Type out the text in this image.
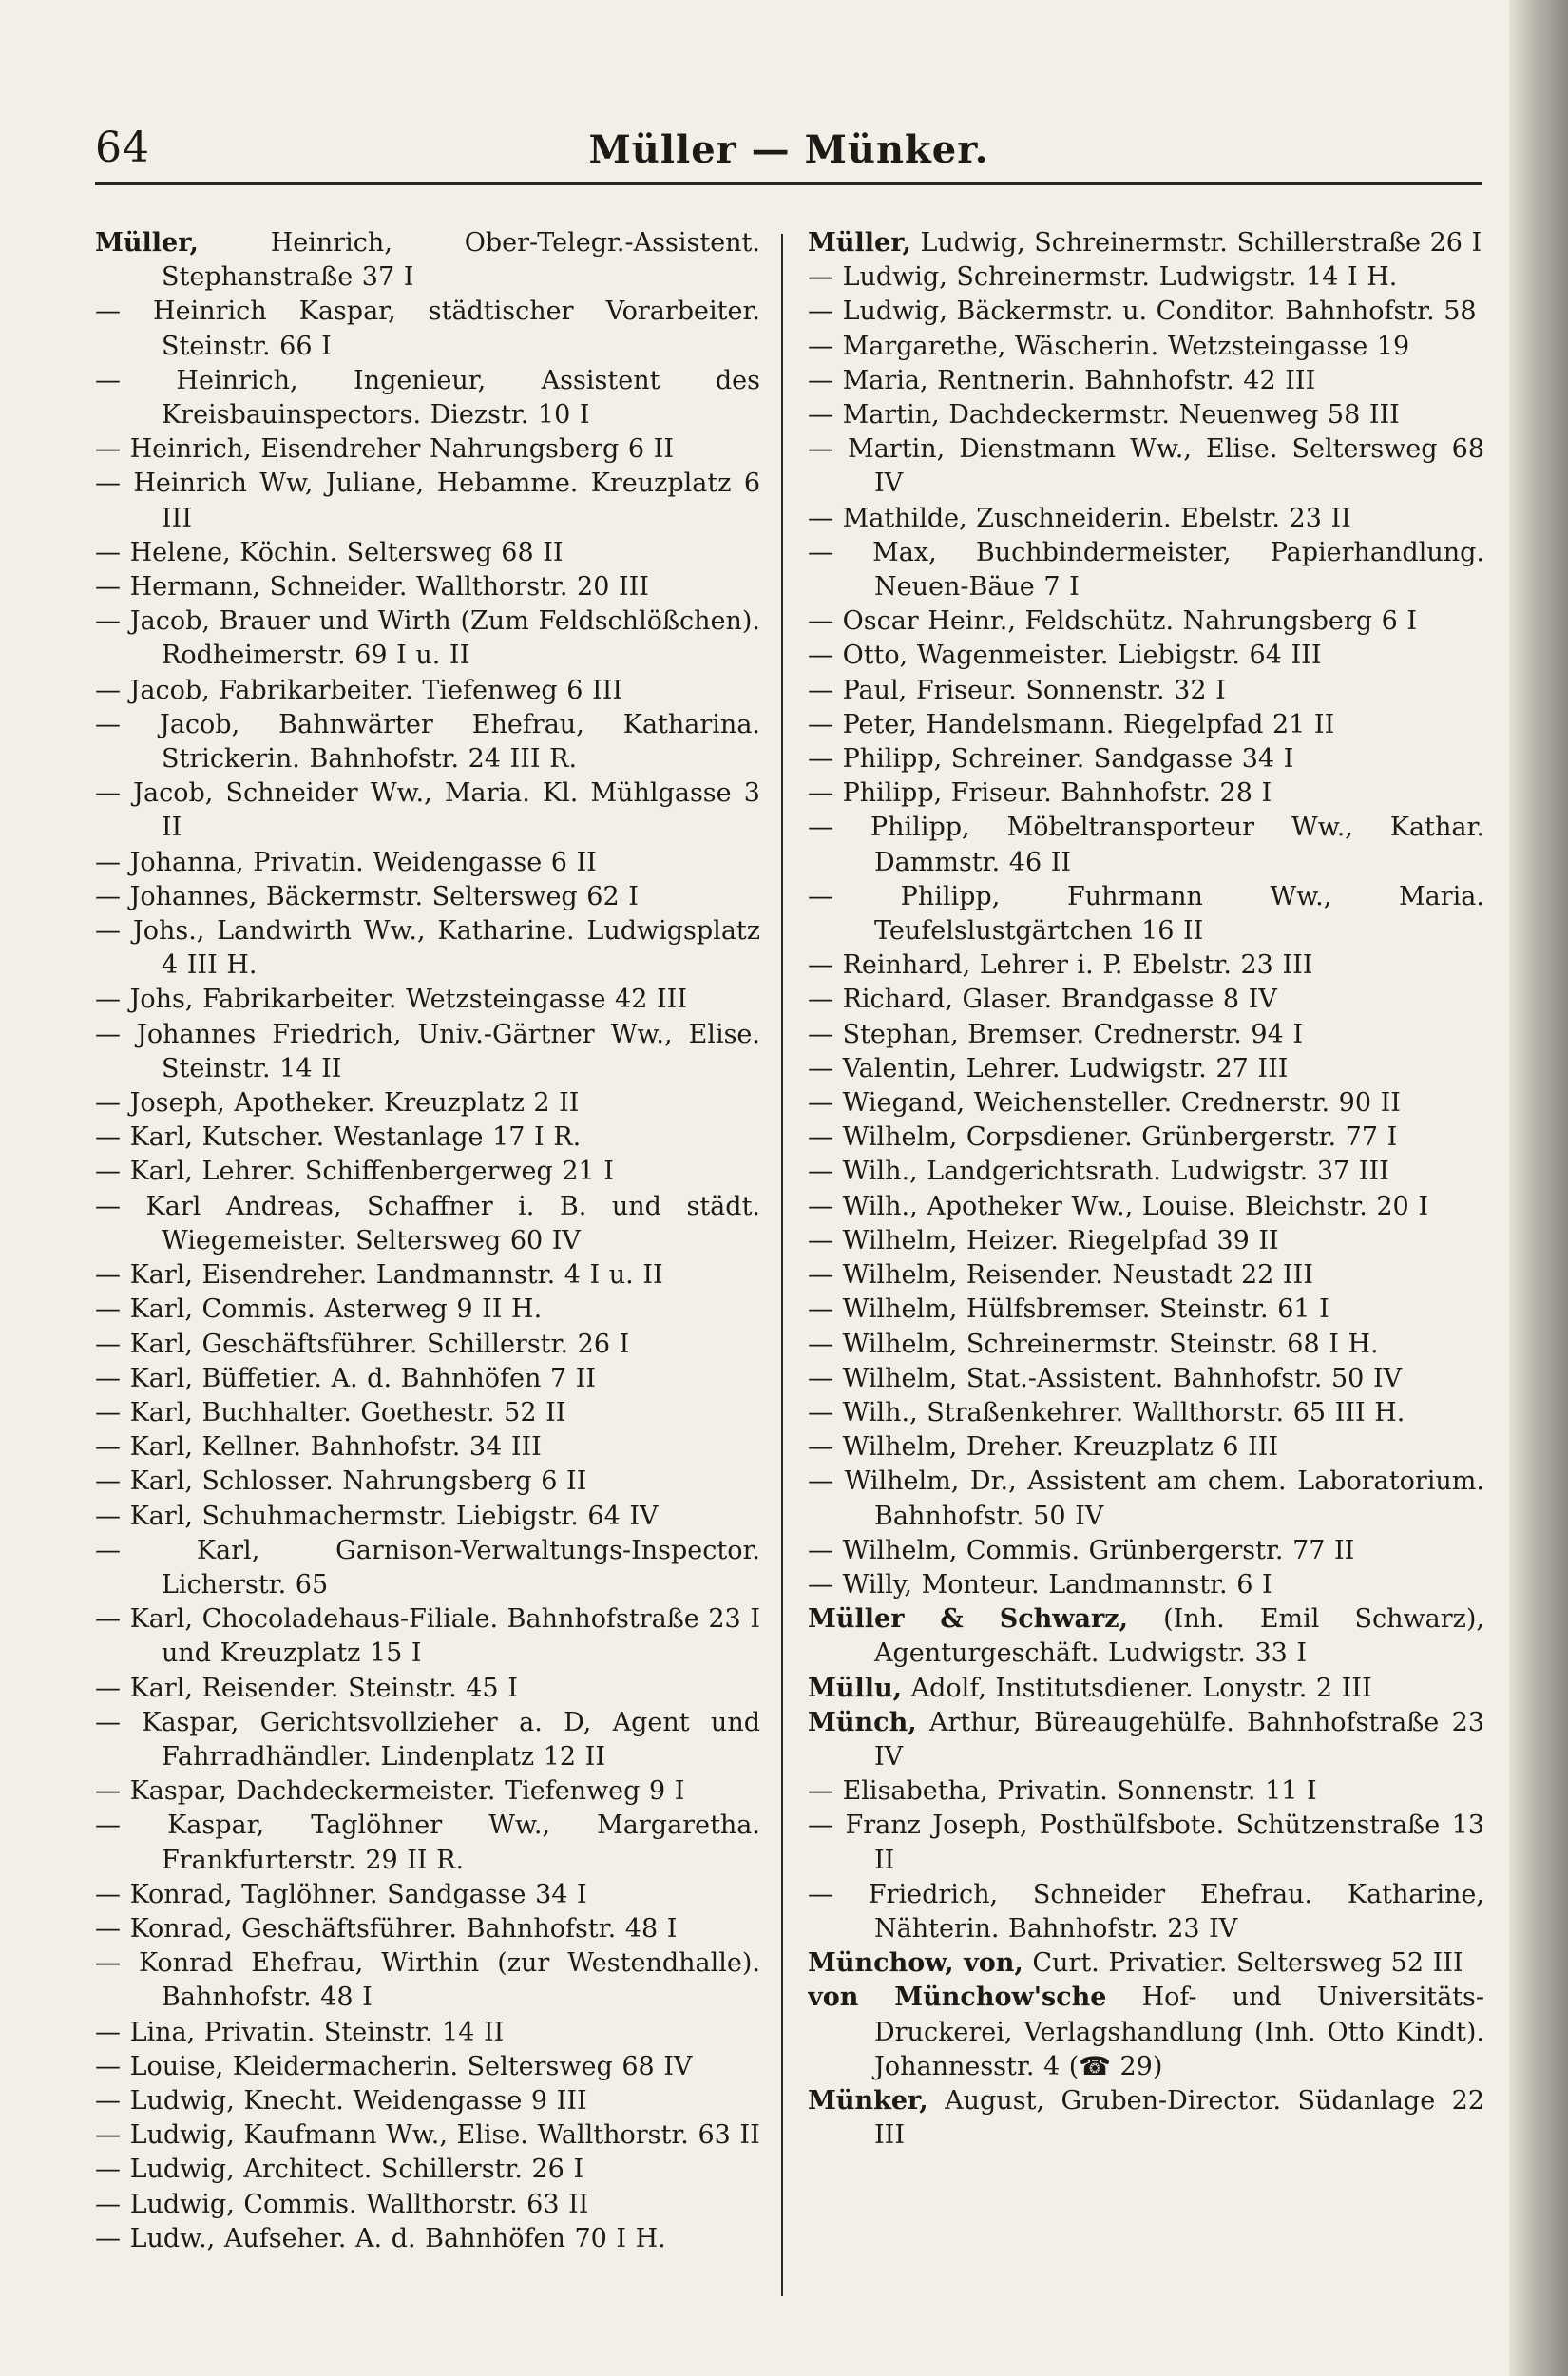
64	Müller — Münker.

Müller, Heinrich, Ober-Telegr.-Assistent. Stephanstraße 37 I

— Heinrich Kaspar, städtischer Vorarbeiter. Steinstr. 66 I

— Heinrich, Ingenieur, Assistent des Kreisbauinspectors. Diezstr. 10 I

— Heinrich, Eisendreher Nahrungsberg 6 II

— Heinrich Ww, Juliane, Hebamme. Kreuzplatz 6 III

— Helene, Köchin. Seltersweg 68 II

— Hermann, Schneider. Wallthorstr. 20 III

— Jacob, Brauer und Wirth (Zum Feldschlößchen). Rodheimerstr. 69 I u. II

— Jacob, Fabrikarbeiter. Tiefenweg 6 III

— Jacob, Bahnwärter Ehefrau, Katharina. Strickerin. Bahnhofstr. 24 III R.

— Jacob, Schneider Ww., Maria. Kl. Mühlgasse 3 II

— Johanna, Privatin. Weidengasse 6 II

— Johannes, Bäckermstr. Seltersweg 62 I

— Johs., Landwirth Ww., Katharine. Ludwigsplatz 4 III H.

— Johs, Fabrikarbeiter. Wetzsteingasse 42 III

— Johannes Friedrich, Univ.-Gärtner Ww., Elise. Steinstr. 14 II

— Joseph, Apotheker. Kreuzplatz 2 II

— Karl, Kutscher. Westanlage 17 I R.

— Karl, Lehrer. Schiffenbergerweg 21 I

— Karl Andreas, Schaffner i. B. und städt. Wiegemeister. Seltersweg 60 IV

— Karl, Eisendreher. Landmannstr. 4 I u. II

— Karl, Commis. Asterweg 9 II H.

— Karl, Geschäftsführer. Schillerstr. 26 I

— Karl, Büffetier. A. d. Bahnhöfen 7 II

— Karl, Buchhalter. Goethestr. 52 II

— Karl, Kellner. Bahnhofstr. 34 III

— Karl, Schlosser. Nahrungsberg 6 II

— Karl, Schuhmachermstr. Liebigstr. 64 IV

— Karl, Garnison-Verwaltungs-Inspector. Licherstr. 65

— Karl, Chocoladehaus-Filiale. Bahnhofstraße 23 I und Kreuzplatz 15 I

— Karl, Reisender. Steinstr. 45 I

— Kaspar, Gerichtsvollzieher a. D, Agent und Fahrradhändler. Lindenplatz 12 II

— Kaspar, Dachdeckermeister. Tiefenweg 9 I

— Kaspar, Taglöhner Ww., Margaretha. Frankfurterstr. 29 II R.

— Konrad, Taglöhner. Sandgasse 34 I

— Konrad, Geschäftsführer. Bahnhofstr. 48 I

— Konrad Ehefrau, Wirthin (zur Westendhalle). Bahnhofstr. 48 I

— Lina, Privatin. Steinstr. 14 II

— Louise, Kleidermacherin. Seltersweg 68 IV

— Ludwig, Knecht. Weidengasse 9 III

— Ludwig, Kaufmann Ww., Elise. Wallthorstr. 63 II

— Ludwig, Architect. Schillerstr. 26 I

— Ludwig, Commis. Wallthorstr. 63 II

— Ludw., Aufseher. A. d. Bahnhöfen 70 I H.

Müller, Ludwig, Schreinermstr. Schillerstraße 26 I

— Ludwig, Schreinermstr. Ludwigstr. 14 I H.

— Ludwig, Bäckermstr. u. Conditor. Bahnhofstr. 58

— Margarethe, Wäscherin. Wetzsteingasse 19

— Maria, Rentnerin. Bahnhofstr. 42 III

— Martin, Dachdeckermstr. Neuenweg 58 III

— Martin, Dienstmann Ww., Elise. Seltersweg 68 IV

— Mathilde, Zuschneiderin. Ebelstr. 23 II

— Max, Buchbindermeister, Papierhandlung. Neuen-Bäue 7 I

— Oscar Heinr., Feldschütz. Nahrungsberg 6 I

— Otto, Wagenmeister. Liebigstr. 64 III

— Paul, Friseur. Sonnenstr. 32 I

— Peter, Handelsmann. Riegelpfad 21 II

— Philipp, Schreiner. Sandgasse 34 I

— Philipp, Friseur. Bahnhofstr. 28 I

— Philipp, Möbeltransporteur Ww., Kathar. Dammstr. 46 II

— Philipp, Fuhrmann Ww., Maria. Teufelslustgärtchen 16 II

— Reinhard, Lehrer i. P. Ebelstr. 23 III

— Richard, Glaser. Brandgasse 8 IV

— Stephan, Bremser. Crednerstr. 94 I

— Valentin, Lehrer. Ludwigstr. 27 III

— Wiegand, Weichensteller. Crednerstr. 90 II

— Wilhelm, Corpsdiener. Grünbergerstr. 77 I

— Wilh., Landgerichtsrath. Ludwigstr. 37 III

— Wilh., Apotheker Ww., Louise. Bleichstr. 20 I

— Wilhelm, Heizer. Riegelpfad 39 II

— Wilhelm, Reisender. Neustadt 22 III

— Wilhelm, Hülfsbremser. Steinstr. 61 I

— Wilhelm, Schreinermstr. Steinstr. 68 I H.

— Wilhelm, Stat.-Assistent. Bahnhofstr. 50 IV

— Wilh., Straßenkehrer. Wallthorstr. 65 III H.

— Wilhelm, Dreher. Kreuzplatz 6 III

— Wilhelm, Dr., Assistent am chem. Laboratorium. Bahnhofstr. 50 IV

— Wilhelm, Commis. Grünbergerstr. 77 II

— Willy, Monteur. Landmannstr. 6 I

Müller & Schwarz, (Inh. Emil Schwarz), Agenturgeschäft. Ludwigstr. 33 I

Müllu, Adolf, Institutsdiener. Lonystr. 2 III

Münch, Arthur, Büreaugehülfe. Bahnhofstraße 23 IV

— Elisabetha, Privatin. Sonnenstr. 11 I

— Franz Joseph, Posthülfsbote. Schützenstraße 13 II

— Friedrich, Schneider Ehefrau. Katharine, Nähterin. Bahnhofstr. 23 IV

Münchow, von, Curt. Privatier. Seltersweg 52 III

von Münchow'sche Hof- und Universitäts-Druckerei, Verlagshandlung (Inh. Otto Kindt). Johannesstr. 4 (☎ 29)

Münker, August, Gruben-Director. Südanlage 22 III
